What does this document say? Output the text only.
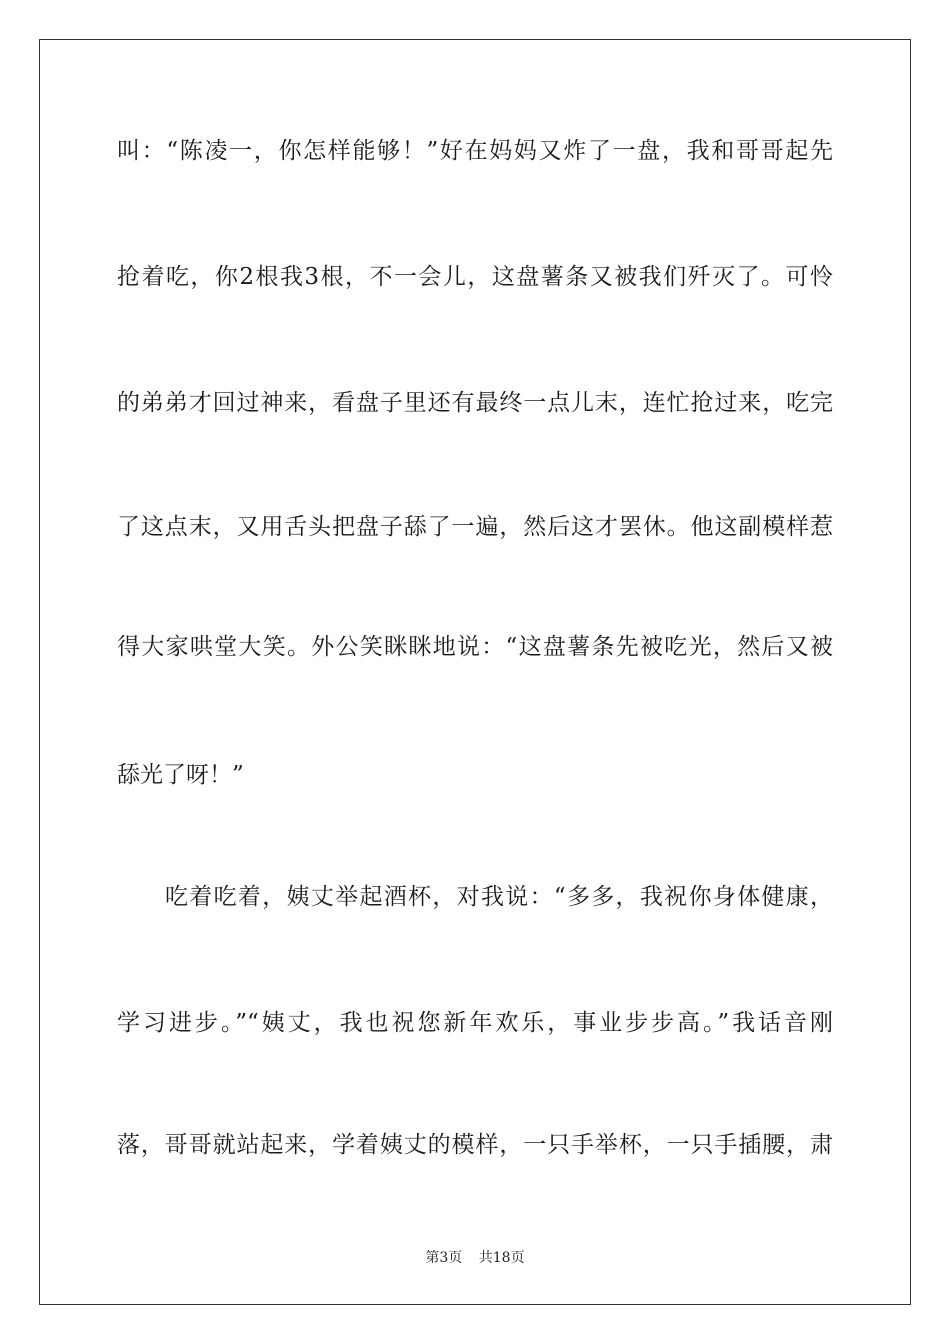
叫：“陈凌一，你怎样能够！”好在妈妈又炸了一盘，我和哥哥起先
抢着吃，你2根我3根，不一会儿，这盘薯条又被我们歼灭了。可怜
的弟弟才回过神来，看盘子里还有最终一点儿末，连忙抢过来，吃完
了这点末，又用舌头把盘子舔了一遍，然后这才罢休。他这副模样惹
得大家哄堂大笑。外公笑眯眯地说：“这盘薯条先被吃光，然后又被
舔光了呀！”
吃着吃着，姨丈举起酒杯，对我说：“多多，我祝你身体健康，
学习进步。”“姨丈，我也祝您新年欢乐，事业步步高。”我话音刚
落，哥哥就站起来，学着姨丈的模样，一只手举杯，一只手插腰，肃
第3页 共18页
